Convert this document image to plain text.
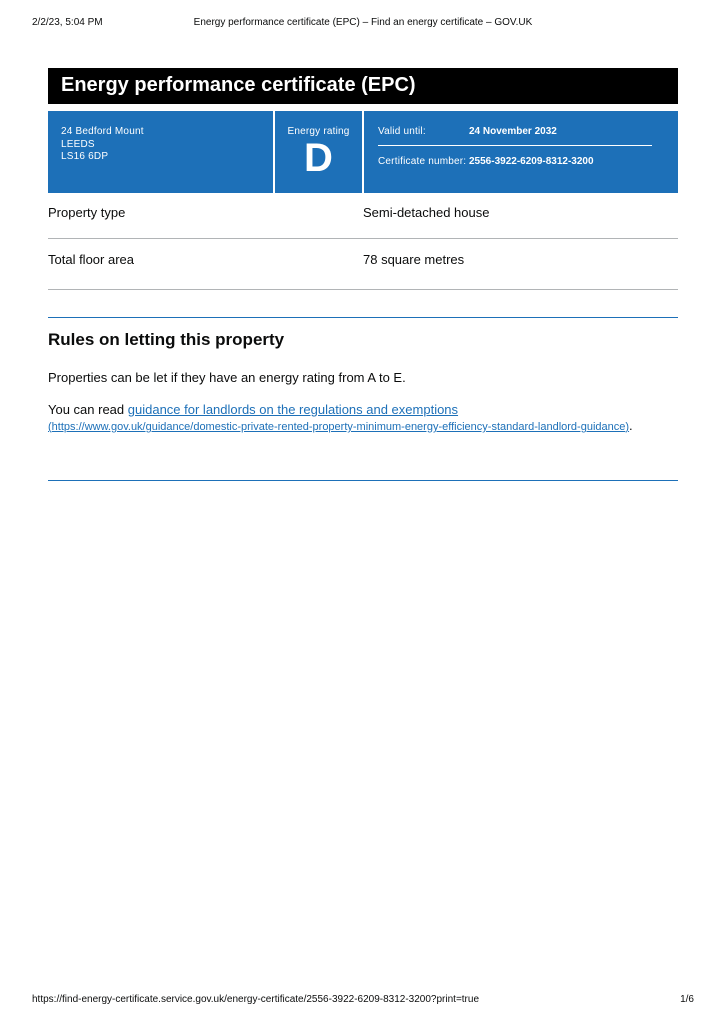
Energy performance certificate (EPC) – Find an energy certificate – GOV.UK
2/2/23, 5:04 PM
Energy performance certificate (EPC)
24 Bedford Mount
LEEDS
LS16 6DP
Energy rating
D
Valid until:	24 November 2032
Certificate number: 2556-3922-6209-8312-3200
Property type	Semi-detached house
Total floor area	78 square metres
Rules on letting this property

Properties can be let if they have an energy rating from A to E.

You can read guidance for landlords on the regulations and exemptions
(https://www.gov.uk/guidance/domestic-private-rented-property-minimum-energy-efficiency-standard-landlord-guidance).

https://find-energy-certificate.service.gov.uk/energy-certificate/2556-3922-6209-8312-3200?print=true	1/6
